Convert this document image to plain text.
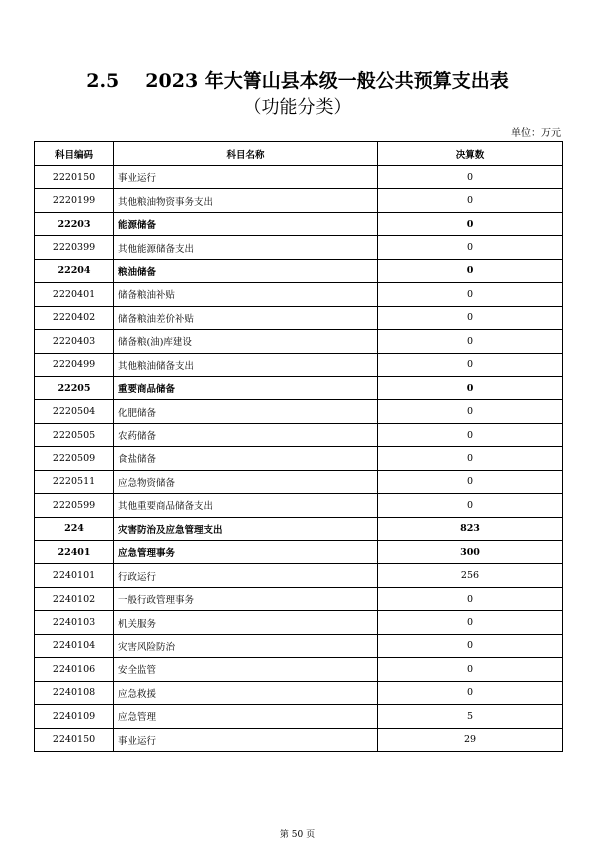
2.5 2023 年大箐山县本级一般公共预算支出表
（功能分类）
单位：万元
科目编码	科目名称	决算数
2220150	事业运行	0
2220199	其他粮油物资事务支出	0
22203	能源储备	0
2220399	其他能源储备支出	0
22204	粮油储备	0
2220401	储备粮油补贴	0
2220402	储备粮油差价补贴	0
2220403	储备粮(油)库建设	0
2220499	其他粮油储备支出	0
22205	重要商品储备	0
2220504	化肥储备	0
2220505	农药储备	0
2220509	食盐储备	0
2220511	应急物资储备	0
2220599	其他重要商品储备支出	0
224	灾害防治及应急管理支出	823
22401	应急管理事务	300
2240101	行政运行	256
2240102	一般行政管理事务	0
2240103	机关服务	0
2240104	灾害风险防治	0
2240106	安全监管	0
2240108	应急救援	0
2240109	应急管理	5
2240150	事业运行	29
第 50 页
